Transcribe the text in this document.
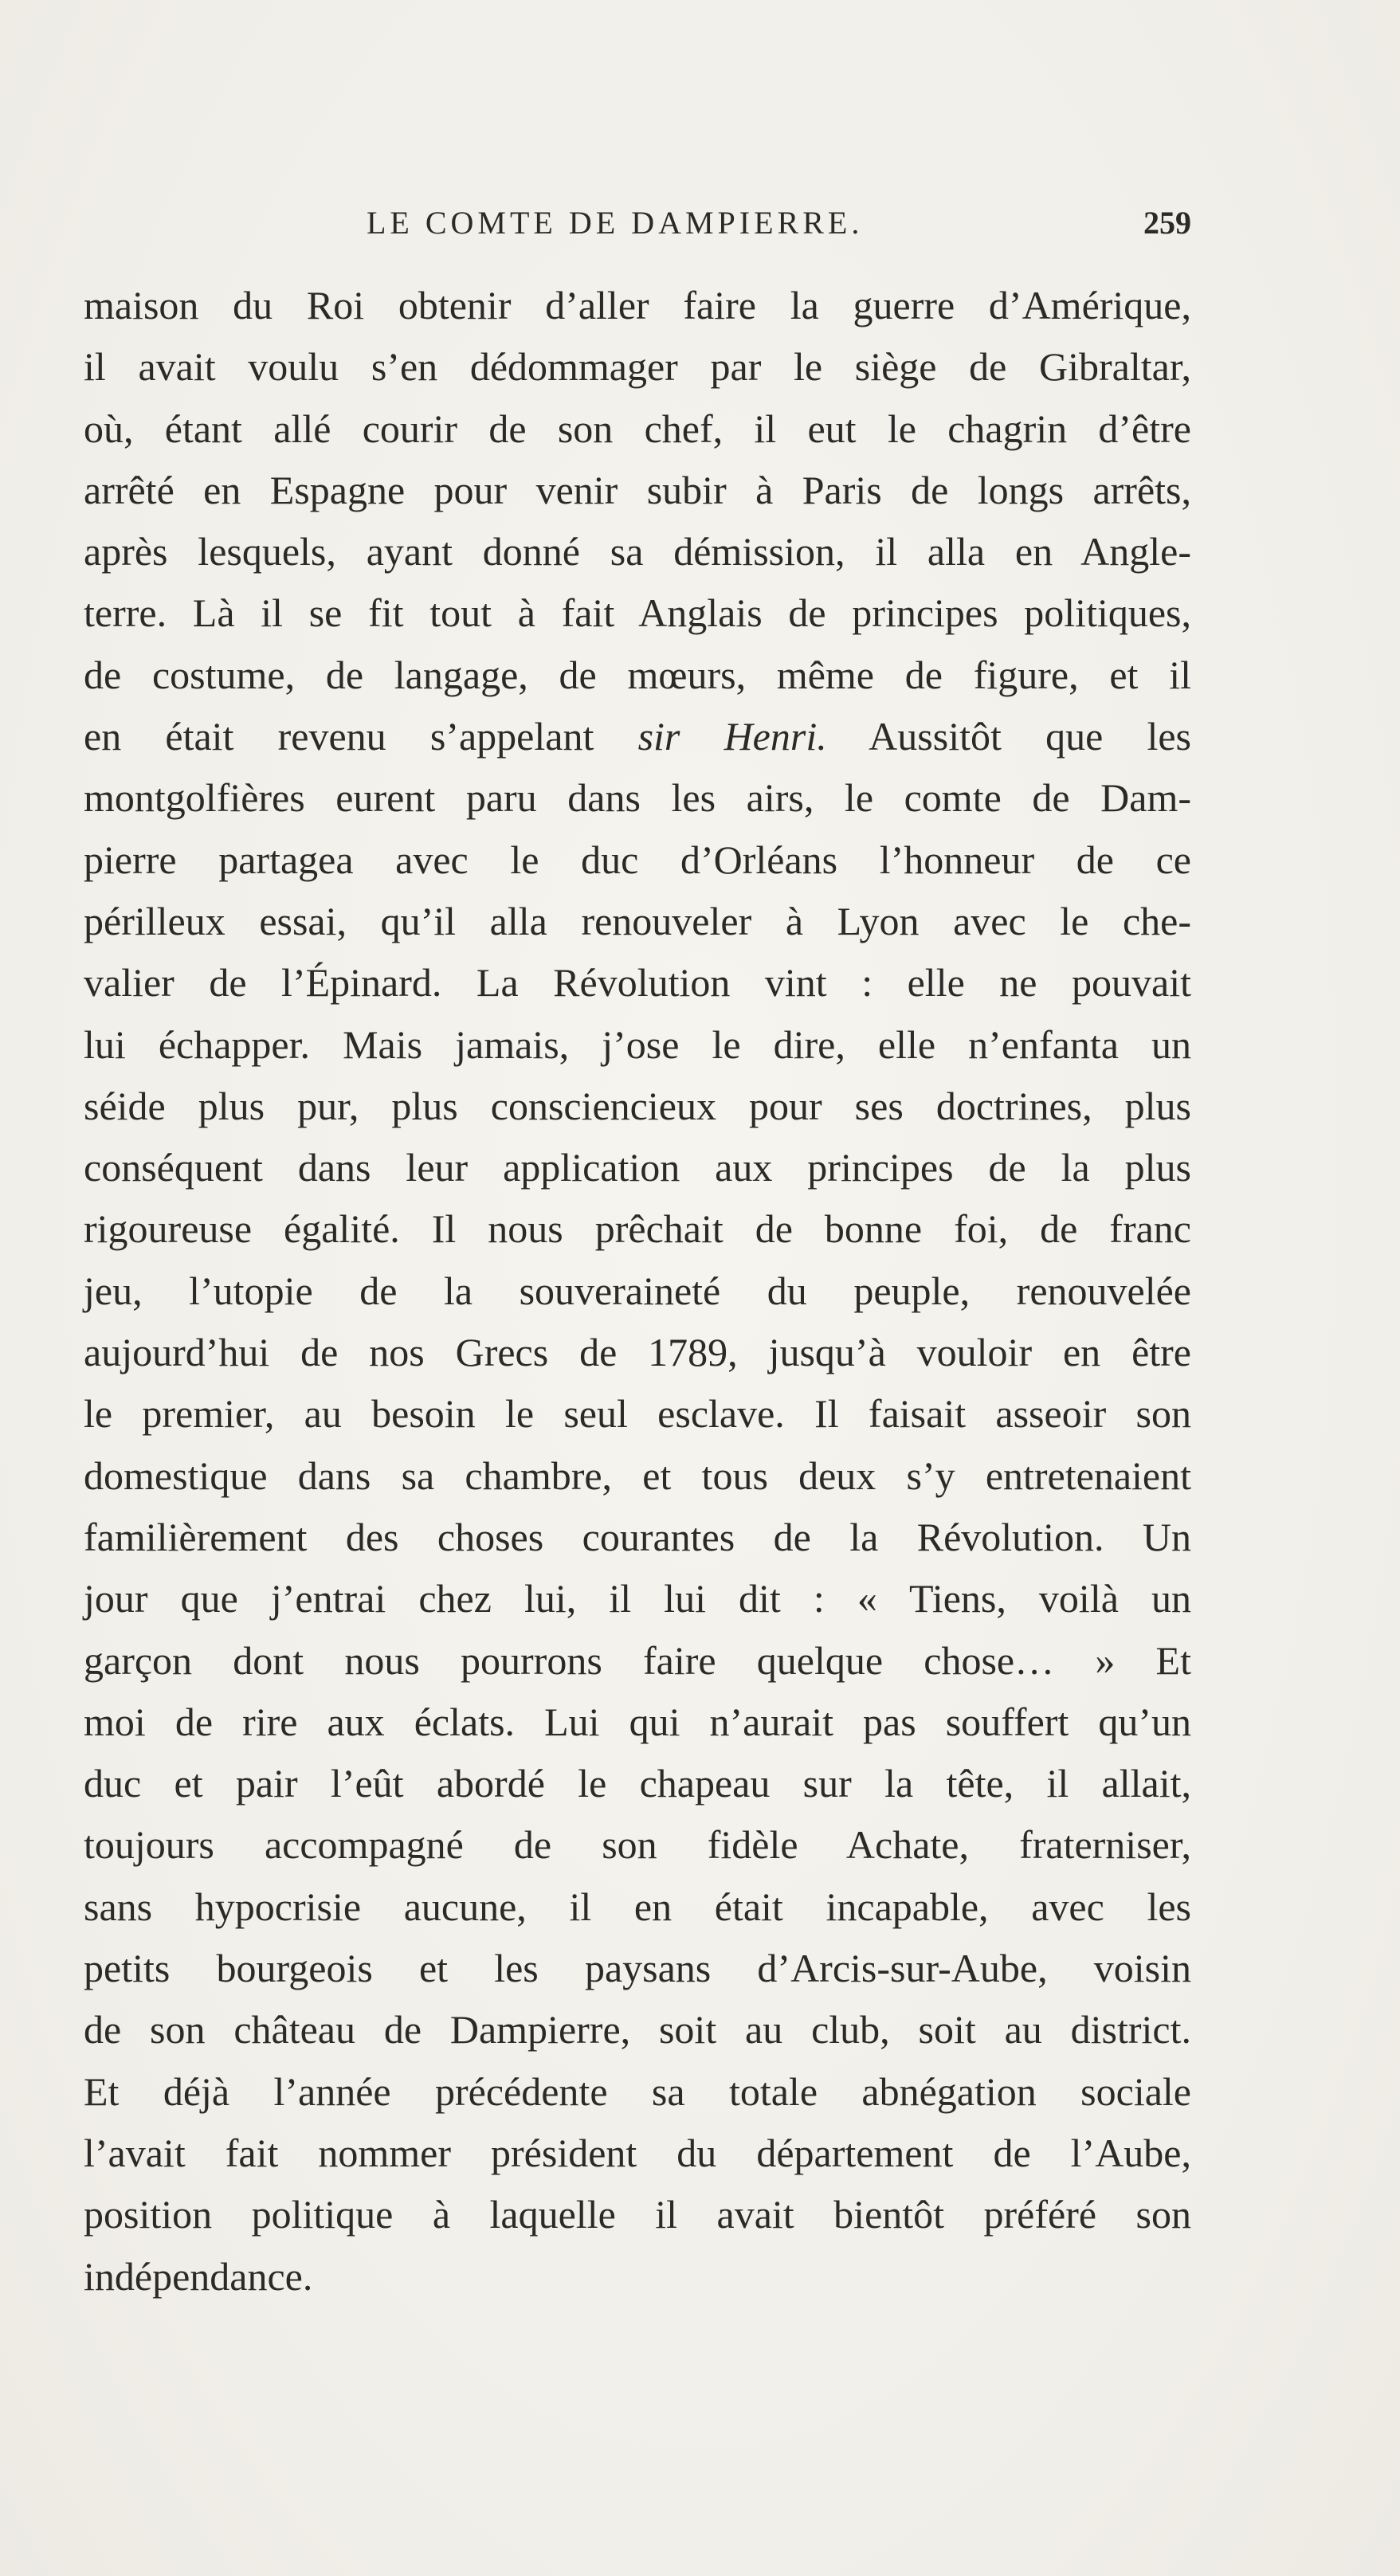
LE COMTE DE DAMPIERRE.	259
maison du Roi obtenir d’aller faire la guerre d’Amérique,
il avait voulu s’en dédommager par le siège de Gibraltar,
où, étant allé courir de son chef, il eut le chagrin d’être
arrêté en Espagne pour venir subir à Paris de longs arrêts,
après lesquels, ayant donné sa démission, il alla en Angle-
terre. Là il se fit tout à fait Anglais de principes politiques,
de costume, de langage, de mœurs, même de figure, et il
en était revenu s’appelant sir Henri. Aussitôt que les
montgolfières eurent paru dans les airs, le comte de Dam-
pierre partagea avec le duc d’Orléans l’honneur de ce
périlleux essai, qu’il alla renouveler à Lyon avec le che-
valier de l’Épinard. La Révolution vint : elle ne pouvait
lui échapper. Mais jamais, j’ose le dire, elle n’enfanta un
séide plus pur, plus consciencieux pour ses doctrines, plus
conséquent dans leur application aux principes de la plus
rigoureuse égalité. Il nous prêchait de bonne foi, de franc
jeu, l’utopie de la souveraineté du peuple, renouvelée
aujourd’hui de nos Grecs de 1789, jusqu’à vouloir en être
le premier, au besoin le seul esclave. Il faisait asseoir son
domestique dans sa chambre, et tous deux s’y entretenaient
familièrement des choses courantes de la Révolution. Un
jour que j’entrai chez lui, il lui dit : « Tiens, voilà un
garçon dont nous pourrons faire quelque chose… » Et
moi de rire aux éclats. Lui qui n’aurait pas souffert qu’un
duc et pair l’eût abordé le chapeau sur la tête, il allait,
toujours accompagné de son fidèle Achate, fraterniser,
sans hypocrisie aucune, il en était incapable, avec les
petits bourgeois et les paysans d’Arcis-sur-Aube, voisin
de son château de Dampierre, soit au club, soit au district.
Et déjà l’année précédente sa totale abnégation sociale
l’avait fait nommer président du département de l’Aube,
position politique à laquelle il avait bientôt préféré son
indépendance.
